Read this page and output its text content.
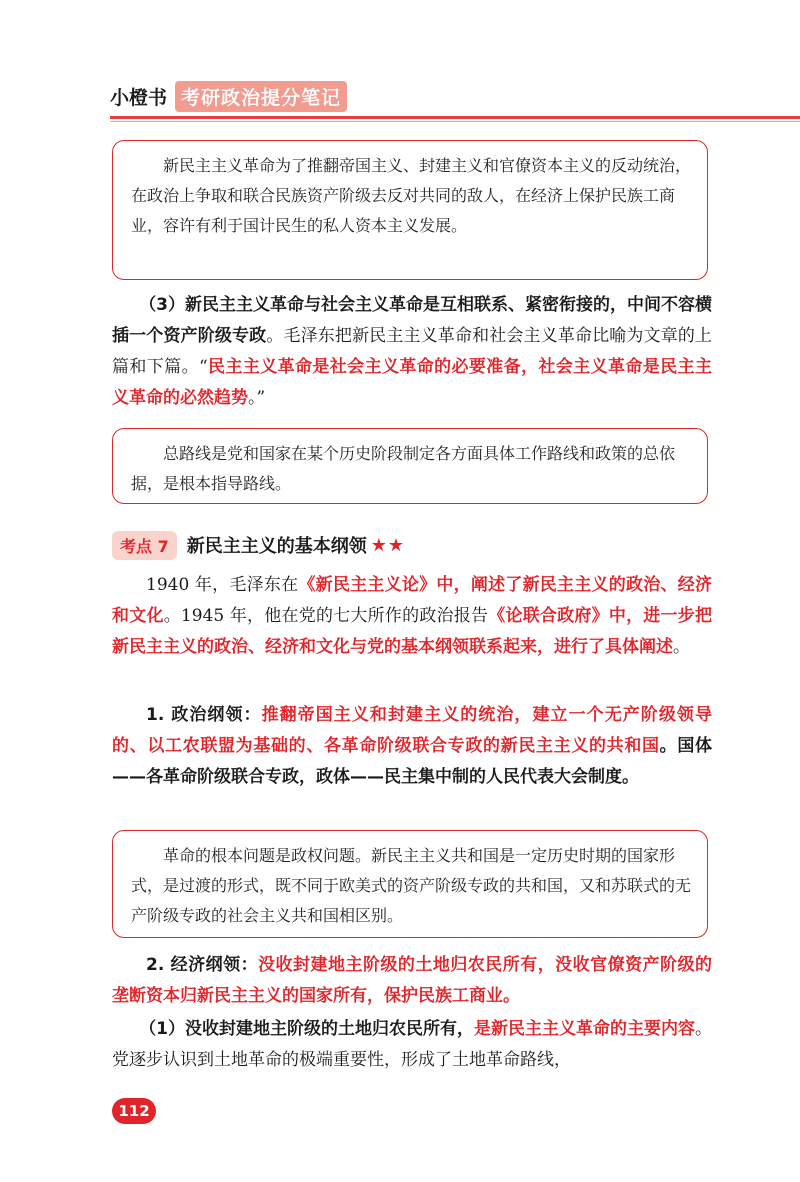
小橙书 考研政治提分笔记
新民主主义革命为了推翻帝国主义、封建主义和官僚资本主义的反动统治，在政治上争取和联合民族资产阶级去反对共同的敌人，在经济上保护民族工商业，容许有利于国计民生的私人资本主义发展。
（3）新民主主义革命与社会主义革命是互相联系、紧密衔接的，中间不容横插一个资产阶级专政。毛泽东把新民主主义革命和社会主义革命比喻为文章的上篇和下篇。“民主主义革命是社会主义革命的必要准备，社会主义革命是民主主义革命的必然趋势。”
总路线是党和国家在某个历史阶段制定各方面具体工作路线和政策的总依据，是根本指导路线。
考点 7	新民主主义的基本纲领 ★★
1940 年，毛泽东在《新民主主义论》中，阐述了新民主主义的政治、经济和文化。1945 年，他在党的七大所作的政治报告《论联合政府》中，进一步把新民主主义的政治、经济和文化与党的基本纲领联系起来，进行了具体阐述。
1. 政治纲领：推翻帝国主义和封建主义的统治，建立一个无产阶级领导的、以工农联盟为基础的、各革命阶级联合专政的新民主主义的共和国。国体——各革命阶级联合专政，政体——民主集中制的人民代表大会制度。
革命的根本问题是政权问题。新民主主义共和国是一定历史时期的国家形式，是过渡的形式，既不同于欧美式的资产阶级专政的共和国，又和苏联式的无产阶级专政的社会主义共和国相区别。
2. 经济纲领：没收封建地主阶级的土地归农民所有，没收官僚资产阶级的垄断资本归新民主主义的国家所有，保护民族工商业。
（1）没收封建地主阶级的土地归农民所有，是新民主主义革命的主要内容。党逐步认识到土地革命的极端重要性，形成了土地革命路线，
112
